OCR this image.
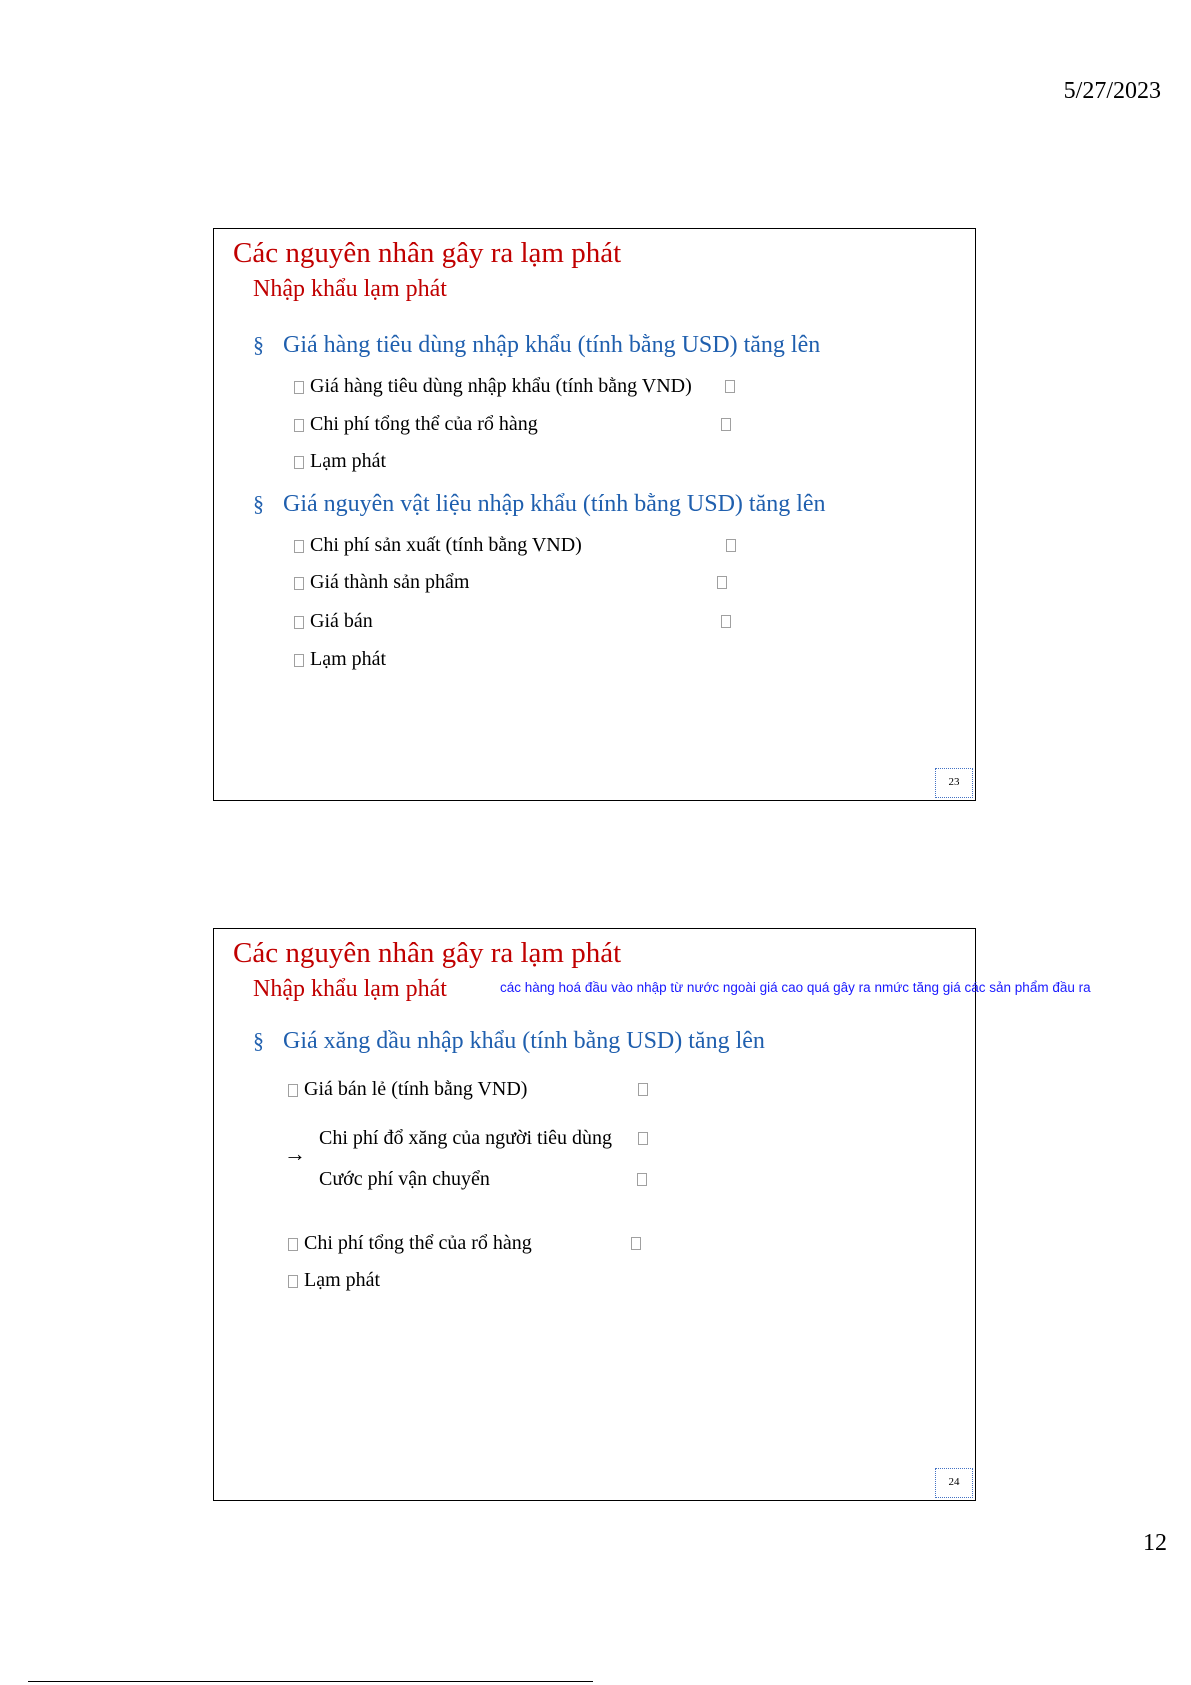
5/27/2023
Các nguyên nhân gây ra lạm phát
Nhập khẩu lạm phát
§ Giá hàng tiêu dùng nhập khẩu (tính bằng USD) tăng lên
Giá hàng tiêu dùng nhập khẩu (tính bằng VND)
Chi phí tổng thể của rổ hàng
Lạm phát
§ Giá nguyên vật liệu nhập khẩu (tính bằng USD) tăng lên
Chi phí sản xuất (tính bằng VND)
Giá thành sản phẩm
Giá bán
Lạm phát
23
Các nguyên nhân gây ra lạm phát
Nhập khẩu lạm phát
§ Giá xăng dầu nhập khẩu (tính bằng USD) tăng lên
Giá bán lẻ (tính bằng VND)
→
Chi phí đổ xăng của người tiêu dùng
Cước phí vận chuyển
Chi phí tổng thể của rổ hàng
Lạm phát
24
các hàng hoá đầu vào nhập từ nước ngoài giá cao quá gây ra nmức tăng giá các sản phẩm đầu ra
12
